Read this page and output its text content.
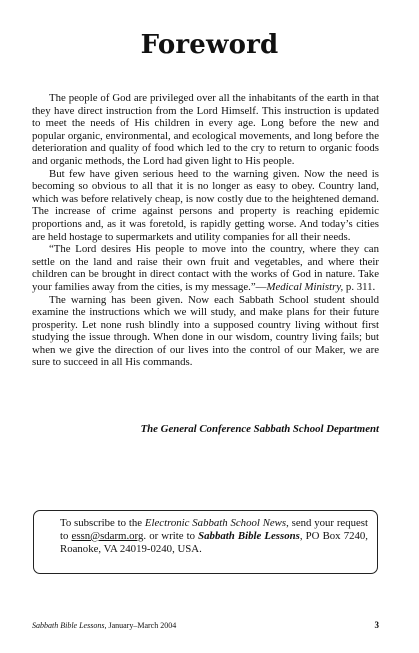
Foreword

The people of God are privileged over all the inhabitants of the earth in that they have direct instruction from the Lord Himself. This instruction is updated to meet the needs of His children in every age. Long before the new and popular organic, environmental, and ecological movements, and long before the deterioration and quality of food which led to the cry to return to organic foods and organic methods, the Lord had given light to His people.

But few have given serious heed to the warning given. Now the need is becoming so obvious to all that it is no longer as easy to obey. Country land, which was before relatively cheap, is now costly due to the heightened demand. The increase of crime against persons and property is reaching epidemic proportions and, as it was foretold, is rapidly getting worse. And today’s cities are held hostage to supermarkets and utility companies for all their needs.

“The Lord desires His people to move into the country, where they can settle on the land and raise their own fruit and vegetables, and where their children can be brought in direct contact with the works of God in nature. Take your families away from the cities, is my message.”—Medical Ministry, p. 311.

The warning has been given. Now each Sabbath School student should examine the instructions which we will study, and make plans for their future prosperity. Let none rush blindly into a supposed country living without first studying the issue through. When done in our wisdom, country living fails; but when we give the direction of our lives into the control of our Maker, we are sure to succeed in all His commands.

The General Conference Sabbath School Department
To subscribe to the Electronic Sabbath School News, send your request to essn@sdarm.org. or write to Sabbath Bible Lessons, PO Box 7240, Roanoke, VA 24019-0240, USA.
Sabbath Bible Lessons, January–March 2004	3
